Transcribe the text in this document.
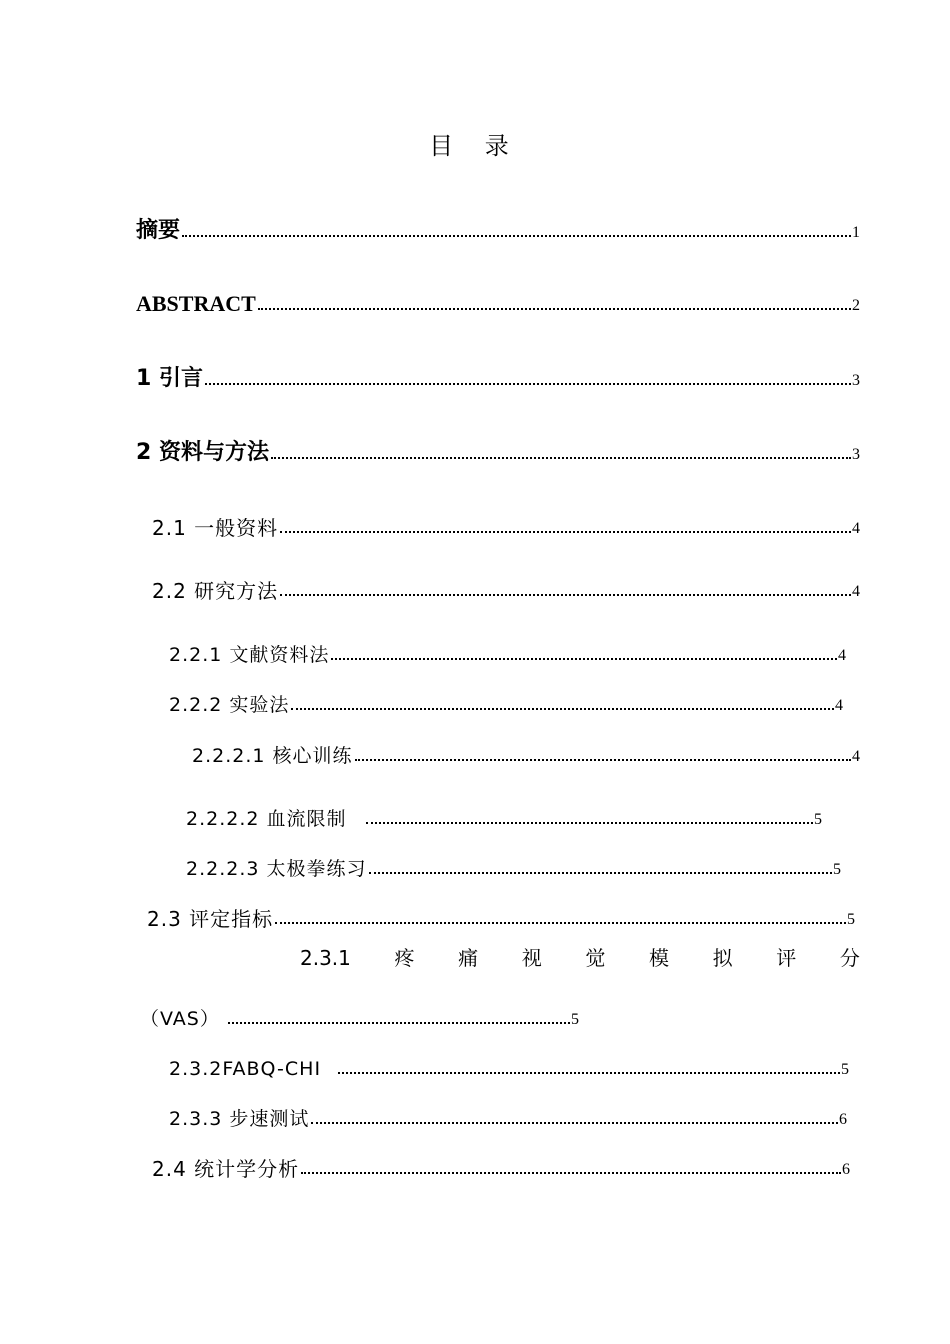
目 录
摘要	1
ABSTRACT	2
1 引言	3
2 资料与方法	3
2.1 一般资料	4
2.2 研究方法	4
2.2.1 文献资料法	4
2.2.2 实验法	4
2.2.2.1 核心训练	4
2.2.2.2 血流限制	5
2.2.2.3 太极拳练习	5
2.3 评定指标	5
2.3.1 疼 痛 视 觉 模 拟 评 分
（VAS）	5
2.3.2FABQ-CHI	5
2.3.3 步速测试	6
2.4 统计学分析	6
